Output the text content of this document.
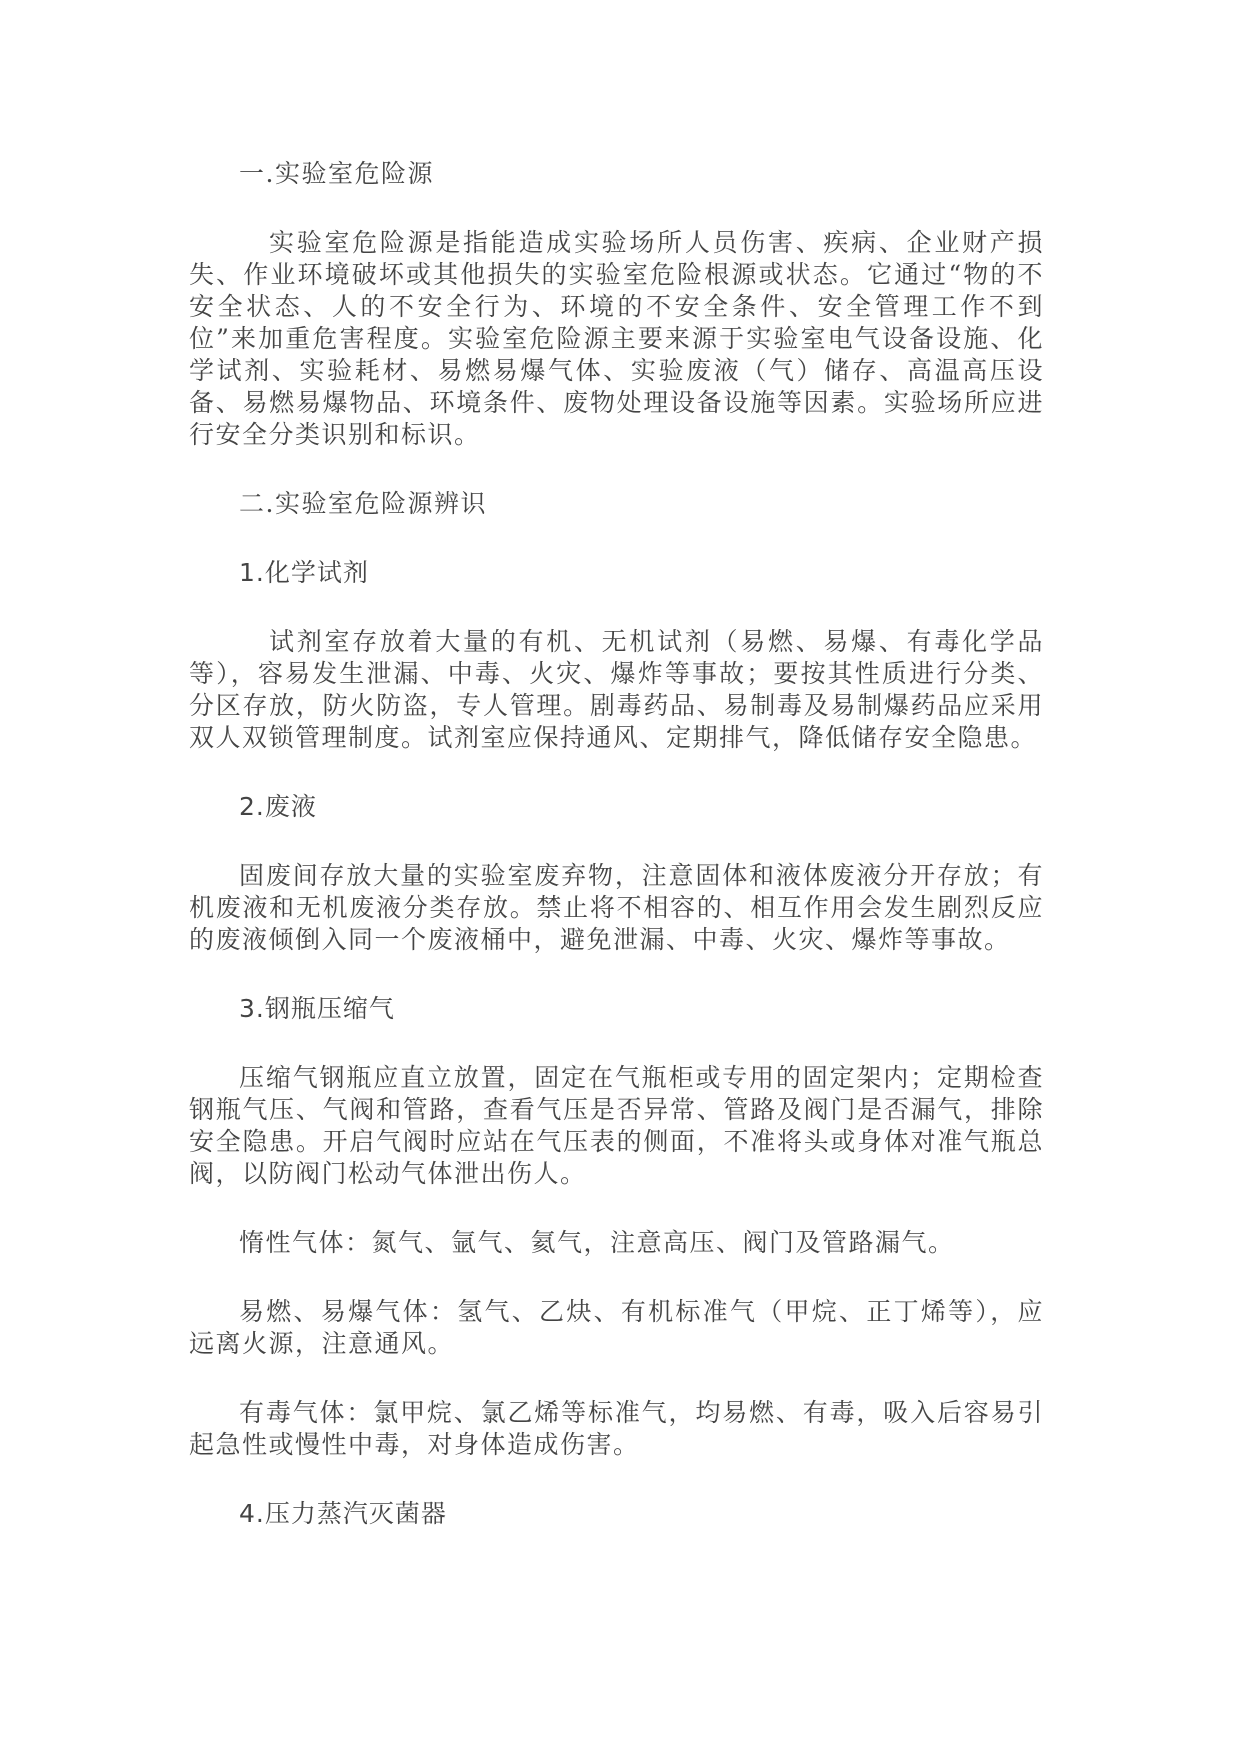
一.实验室危险源

实验室危险源是指能造成实验场所人员伤害、疾病、企业财产损失、作业环境破坏或其他损失的实验室危险根源或状态。它通过“物的不安全状态、人的不安全行为、环境的不安全条件、安全管理工作不到位”来加重危害程度。实验室危险源主要来源于实验室电气设备设施、化学试剂、实验耗材、易燃易爆气体、实验废液（气）储存、高温高压设备、易燃易爆物品、环境条件、废物处理设备设施等因素。实验场所应进行安全分类识别和标识。

二.实验室危险源辨识

1.化学试剂

试剂室存放着大量的有机、无机试剂（易燃、易爆、有毒化学品等），容易发生泄漏、中毒、火灾、爆炸等事故；要按其性质进行分类、分区存放，防火防盗，专人管理。剧毒药品、易制毒及易制爆药品应采用双人双锁管理制度。试剂室应保持通风、定期排气，降低储存安全隐患。

2.废液

固废间存放大量的实验室废弃物，注意固体和液体废液分开存放；有机废液和无机废液分类存放。禁止将不相容的、相互作用会发生剧烈反应的废液倾倒入同一个废液桶中，避免泄漏、中毒、火灾、爆炸等事故。

3.钢瓶压缩气

压缩气钢瓶应直立放置，固定在气瓶柜或专用的固定架内；定期检查钢瓶气压、气阀和管路，查看气压是否异常、管路及阀门是否漏气，排除安全隐患。开启气阀时应站在气压表的侧面，不准将头或身体对准气瓶总阀，以防阀门松动气体泄出伤人。

惰性气体：氮气、氩气、氦气，注意高压、阀门及管路漏气。

易燃、易爆气体：氢气、乙炔、有机标准气（甲烷、正丁烯等），应远离火源，注意通风。

有毒气体：氯甲烷、氯乙烯等标准气，均易燃、有毒，吸入后容易引起急性或慢性中毒，对身体造成伤害。

4.压力蒸汽灭菌器
